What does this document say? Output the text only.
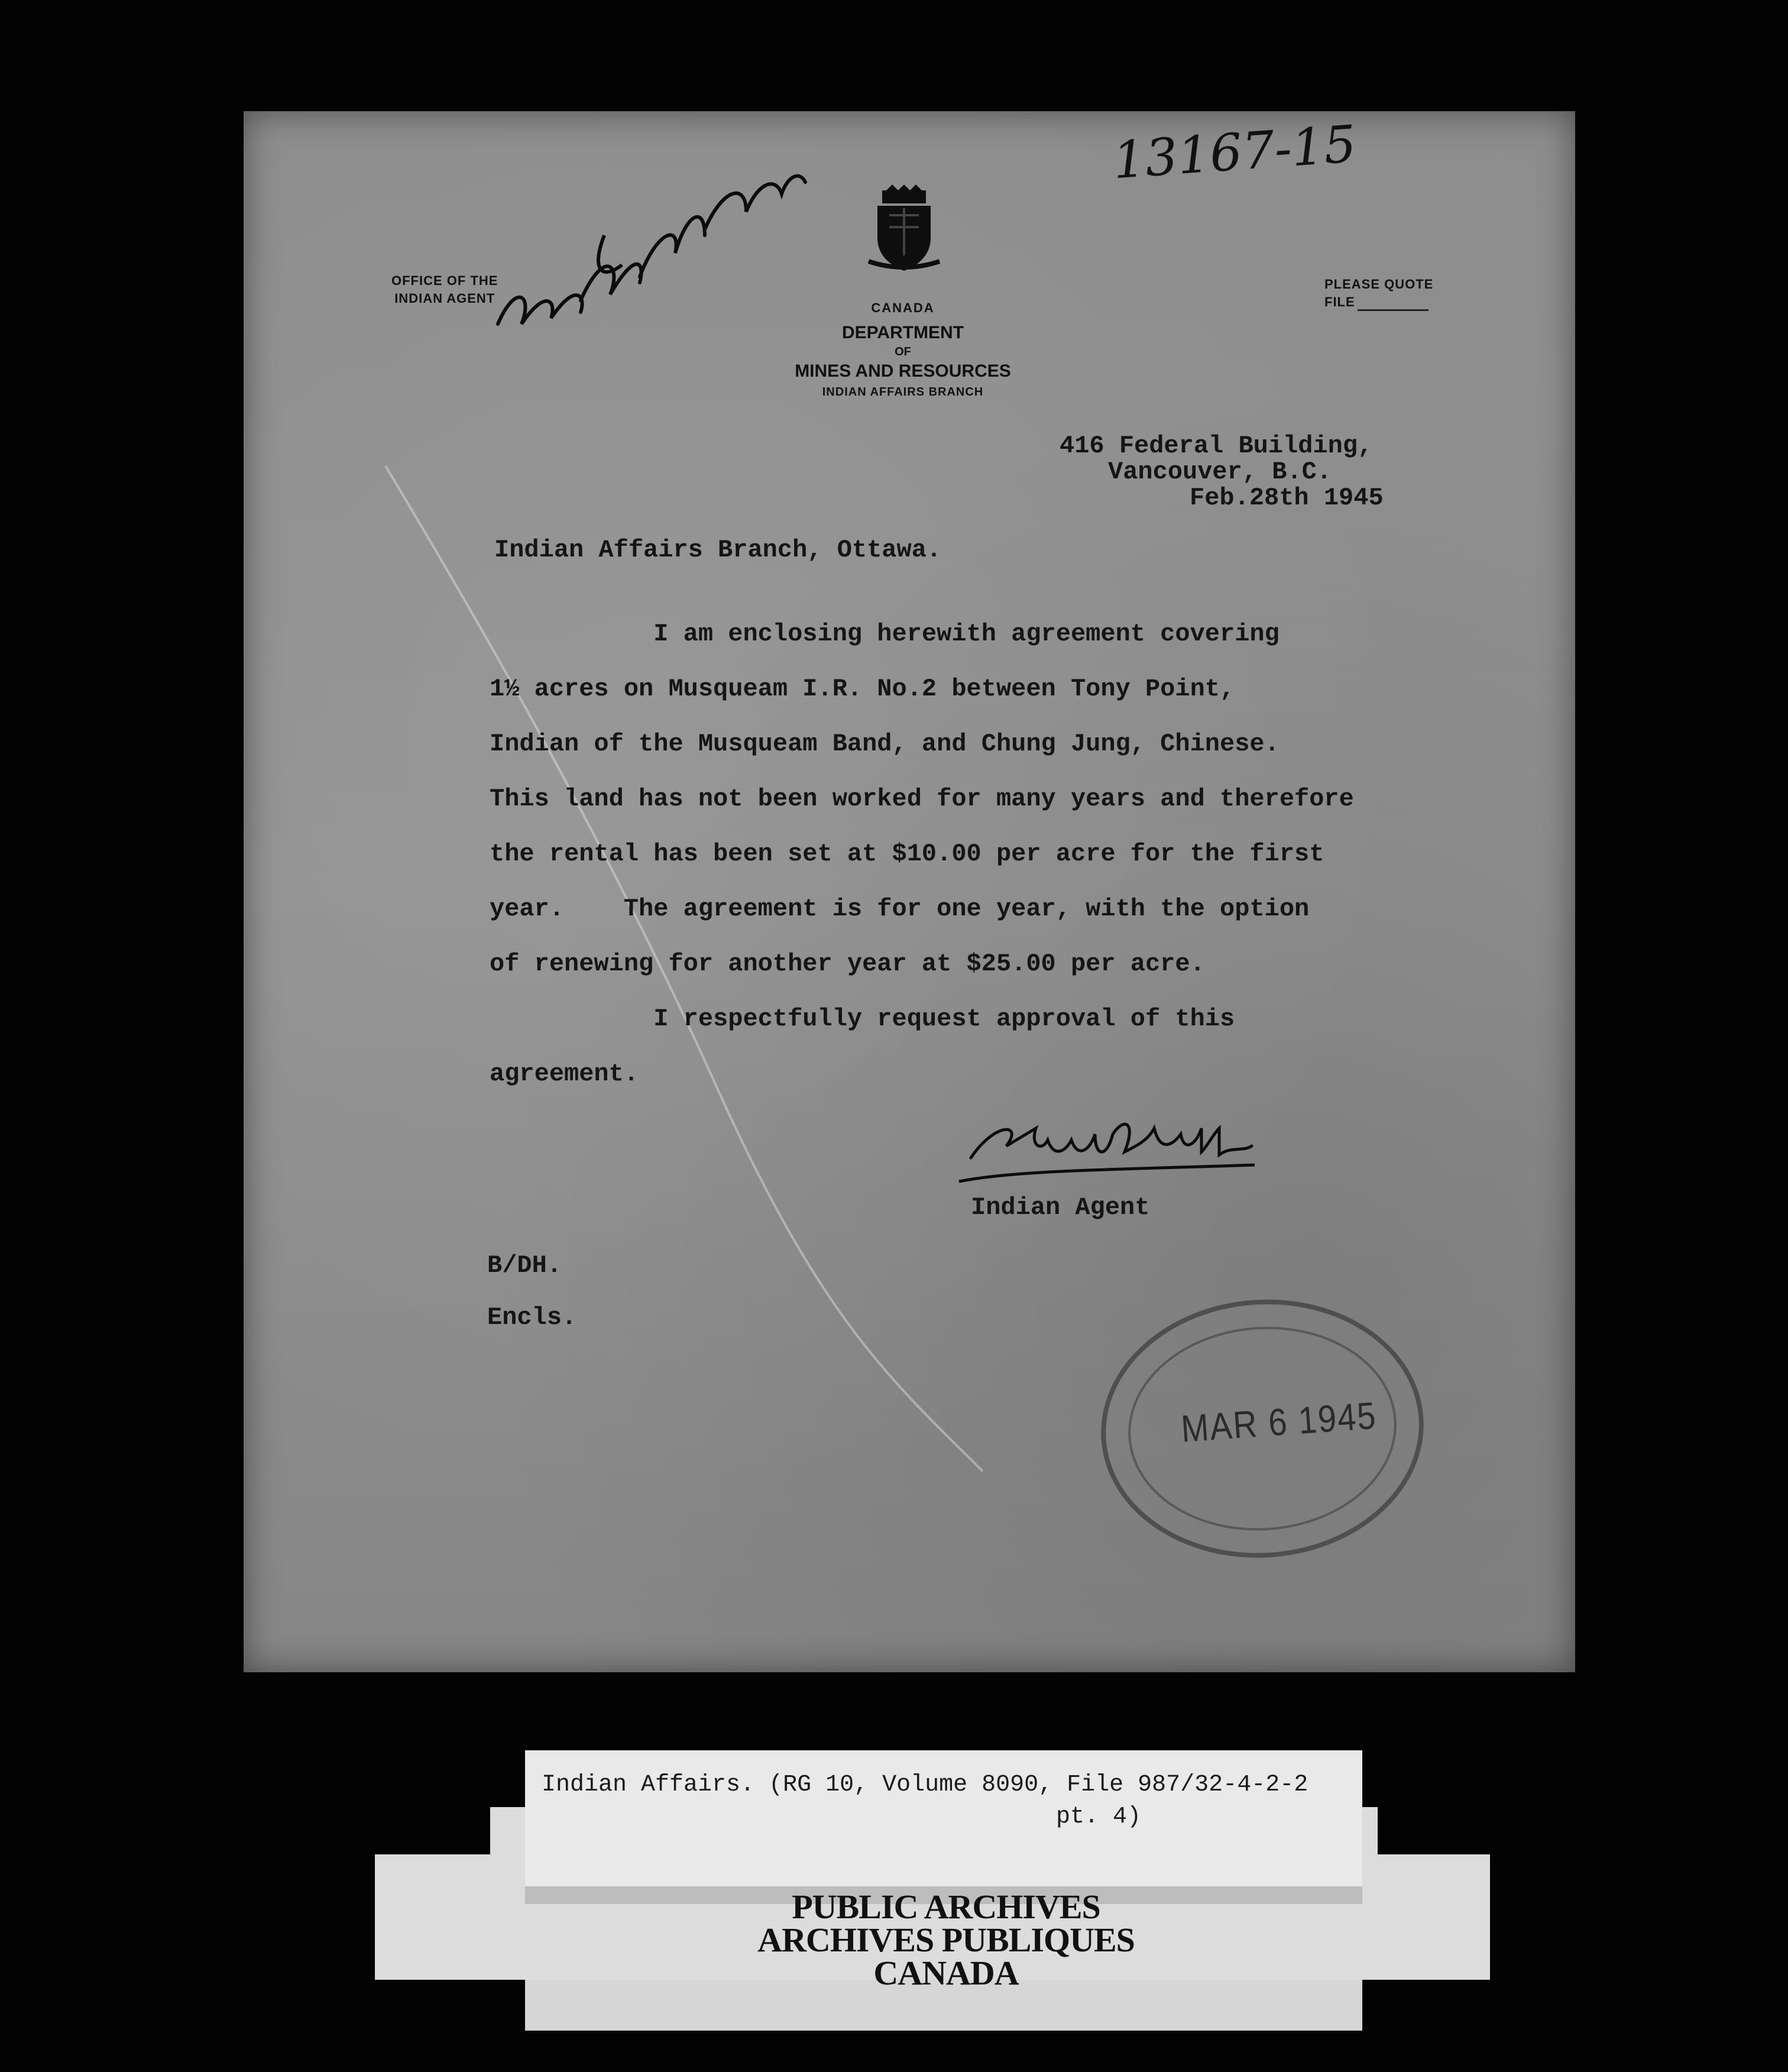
OFFICE OF THE
INDIAN AGENT
CANADA
DEPARTMENT
OF
MINES AND RESOURCES
INDIAN AFFAIRS BRANCH
PLEASE QUOTE
FILE
13167-15
416 Federal Building,
Vancouver, B.C.
Feb.28th 1945
Indian Affairs Branch, Ottawa.
I am enclosing herewith agreement covering
1½ acres on Musqueam I.R. No.2 between Tony Point,
Indian of the Musqueam Band, and Chung Jung, Chinese.
This land has not been worked for many years and therefore
the rental has been set at $10.00 per acre for the first
year.    The agreement is for one year, with the option
of renewing for another year at $25.00 per acre.
I respectfully request approval of this
agreement.
Indian Agent
B/DH.
Encls.
MAR 6 1945
Indian Affairs. (RG 10, Volume 8090, File 987/32-4-2-2
pt. 4)
PUBLIC ARCHIVES
ARCHIVES PUBLIQUES
CANADA
